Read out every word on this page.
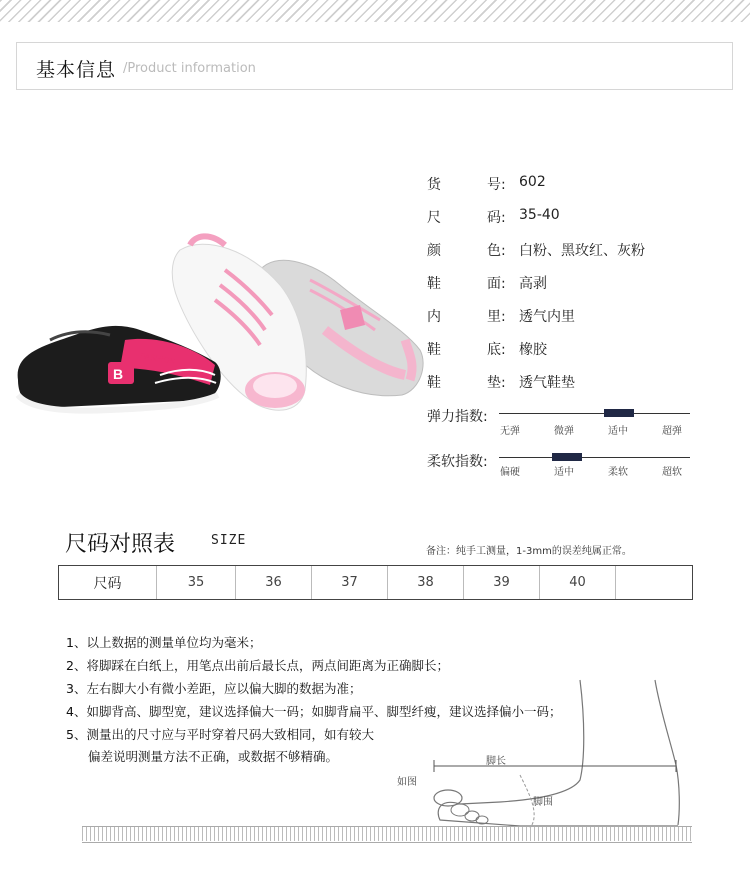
基本信息 /Product information
B
FASHION
货	号: 602
尺	码: 35-40
颜	色: 白粉、黑玫红、灰粉
鞋	面: 高剥
内	里: 透气内里
鞋	底: 橡胶
鞋	垫: 透气鞋垫
弹力指数:
无弹	微弹	适中	超弹
柔软指数:
偏硬	适中	柔软	超软
尺码对照表	SIZE
备注：纯手工测量，1-3mm的误差纯属正常。
尺码	35	36	37	38	39	40
1、以上数据的测量单位均为毫米；
2、将脚踩在白纸上，用笔点出前后最长点，两点间距离为正确脚长；
3、左右脚大小有微小差距，应以偏大脚的数据为准；
4、如脚背高、脚型宽，建议选择偏大一码；如脚背扁平、脚型纤瘦，建议选择偏小一码；
5、测量出的尺寸应与平时穿着尺码大致相同，如有较大
偏差说明测量方法不正确，或数据不够精确。	脚长
如图
脚围
